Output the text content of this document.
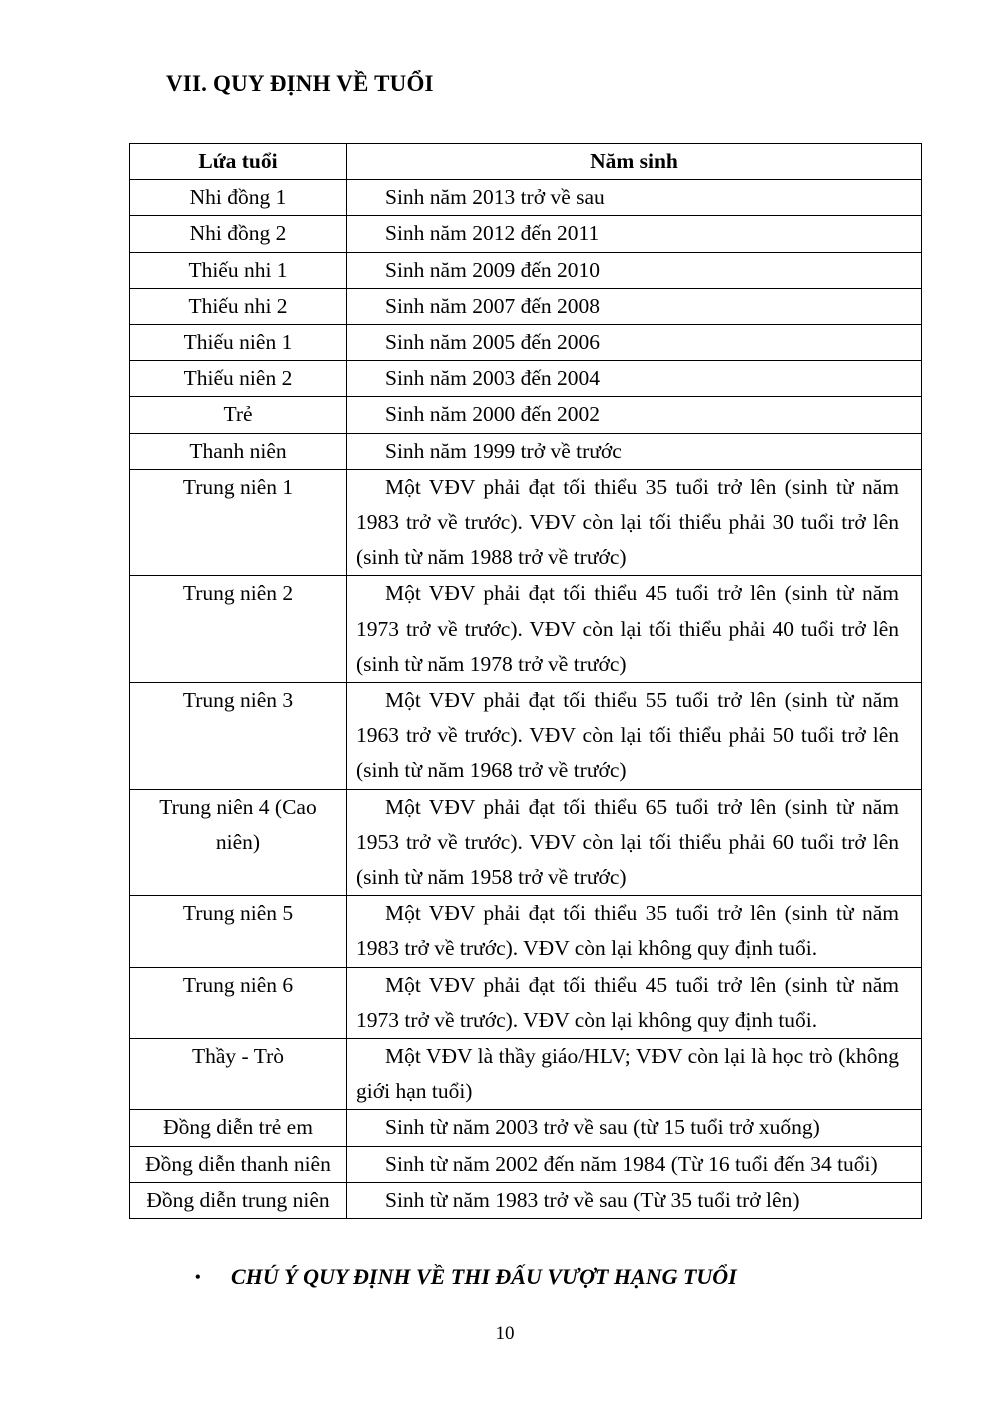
VII. QUY ĐỊNH VỀ TUỔI
Lứa tuổi	Năm sinh
Nhi đồng 1	Sinh năm 2013 trở về sau
Nhi đồng 2	Sinh năm 2012 đến 2011
Thiếu nhi 1	Sinh năm 2009 đến 2010
Thiếu nhi 2	Sinh năm 2007 đến 2008
Thiếu niên 1	Sinh năm 2005 đến 2006
Thiếu niên 2	Sinh năm 2003 đến 2004
Trẻ	Sinh năm 2000 đến 2002
Thanh niên	Sinh năm 1999 trở về trước
Trung niên 1	Một VĐV phải đạt tối thiểu 35 tuổi trở lên (sinh từ năm 1983 trở về trước). VĐV còn lại tối thiểu phải 30 tuổi trở lên (sinh từ năm 1988 trở về trước)
Trung niên 2	Một VĐV phải đạt tối thiểu 45 tuổi trở lên (sinh từ năm 1973 trở về trước). VĐV còn lại tối thiểu phải 40 tuổi trở lên (sinh từ năm 1978 trở về trước)
Trung niên 3	Một VĐV phải đạt tối thiểu 55 tuổi trở lên (sinh từ năm 1963 trở về trước). VĐV còn lại tối thiểu phải 50 tuổi trở lên (sinh từ năm 1968 trở về trước)
Trung niên 4 (Cao niên)	Một VĐV phải đạt tối thiểu 65 tuổi trở lên (sinh từ năm 1953 trở về trước). VĐV còn lại tối thiểu phải 60 tuổi trở lên (sinh từ năm 1958 trở về trước)
Trung niên 5	Một VĐV phải đạt tối thiểu 35 tuổi trở lên (sinh từ năm 1983 trở về trước). VĐV còn lại không quy định tuổi.
Trung niên 6	Một VĐV phải đạt tối thiểu 45 tuổi trở lên (sinh từ năm 1973 trở về trước). VĐV còn lại không quy định tuổi.
Thầy - Trò	Một VĐV là thầy giáo/HLV; VĐV còn lại là học trò (không giới hạn tuổi)
Đồng diễn trẻ em	Sinh từ năm 2003 trở về sau (từ 15 tuổi trở xuống)
Đồng diễn thanh niên	Sinh từ năm 2002 đến năm 1984 (Từ 16 tuổi đến 34 tuổi)
Đồng diễn trung niên	Sinh từ năm 1983 trở về sau (Từ 35 tuổi trở lên)
• CHÚ Ý QUY ĐỊNH VỀ THI ĐẤU VƯỢT HẠNG TUỔI
10
